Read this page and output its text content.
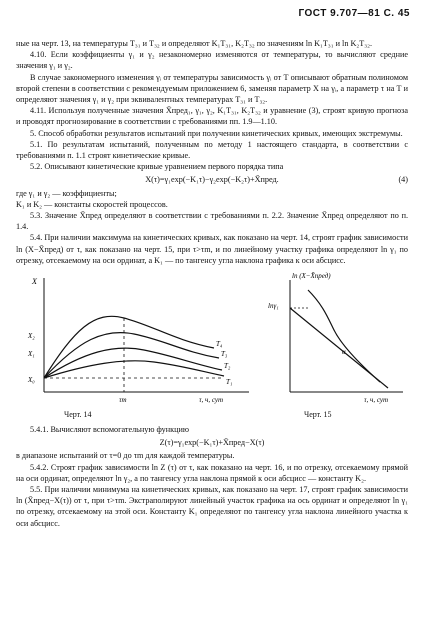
ГОСТ 9.707—81 С. 45

ные на черт. 13, на температуры T₃₁ и T₃₂ и определяют K₁T₃₁, K₂T₃₂ по значениям ln K₁T₃₁ и ln K₂T₃₂.

4.10. Если коэффициенты γ₁ и γ₂ незакономерно изменяются от температуры, то вычисляют средние значения γ₁ и γ₂.

В случае закономерного изменения γᵢ от температуры зависимость γᵢ от T описывают обратным полиномом второй степени в соответствии с рекомендуемым приложением 6, заменяя параметр X на γᵢ, а параметр τ на T и определяют значения γ₁ и γ₂ при эквивалентных температурах T₃₁ и T₃₂.

4.11. Используя полученные значения X̄пред₁, γ₁, γ₂, K₁T₃₁, K₂T₃₂ и уравнение (3), строят кривую прогноза и проводят прогнозирование в соответствии с требованиями пп. 1.9—1.10.

5. Способ обработки результатов испытаний при получении кинетических кривых, имеющих экстремумы.

5.1. По результатам испытаний, полученным по методу 1 настоящего стандарта, в соответствии с требованиями п. 1.1 строят кинетические кривые.

5.2. Описывают кинетические кривые уравнением первого порядка типа

X(τ)=γ₁exp(−K₁τ)−γ₂exp(−K₂τ)+X̄пред.	(4)

где γ₁ и γ₂ — коэффициенты;

K₁ и K₂ — константы скоростей процессов.

5.3. Значение X̄пред определяют в соответствии с требованиями п. 2.2. Значение X̄пред определяют по п. 1.4.

5.4. При наличии максимума на кинетических кривых, как показано на черт. 14, строят график зависимости ln (X−X̄пред) от τ, как показано на черт. 15, при τ>τm, и по линейному участку графика определяют ln γ₁ по отрезку, отсекаемому на оси ординат, а K₁ — по тангенсу угла наклона графика к оси абсцисс.

X
X₂
X₁
X₀
T₄
T₃
T₂
T₁
τm	τ, ч, сут
Черт. 14
ln (X−X̄пред)
lnγ₁
α
τ, ч, сут
Черт. 15

5.4.1. Вычисляют вспомогательную функцию

Z(τ)=γ₁exp(−K₁τ)+X̄пред−X(τ)

в диапазоне испытаний от τ=0 до τm для каждой температуры.

5.4.2. Строят график зависимости ln Z (τ) от τ, как показано на черт. 16, и по отрезку, отсекаемому прямой на оси ординат, определяют ln γ₂, а по тангенсу угла наклона прямой к оси абсцисс — константу K₂.

5.5. При наличии минимума на кинетических кривых, как показано на черт. 17, строят график зависимости ln (X̄пред−X(τ)) от τ, при τ>τm. Экстраполируют линейный участок графика на ось ординат и определяют ln γ₁ по отрезку, отсекаемому на этой оси. Константу K₁ определяют по тангенсу угла наклона линейного участка к оси абсцисс.
